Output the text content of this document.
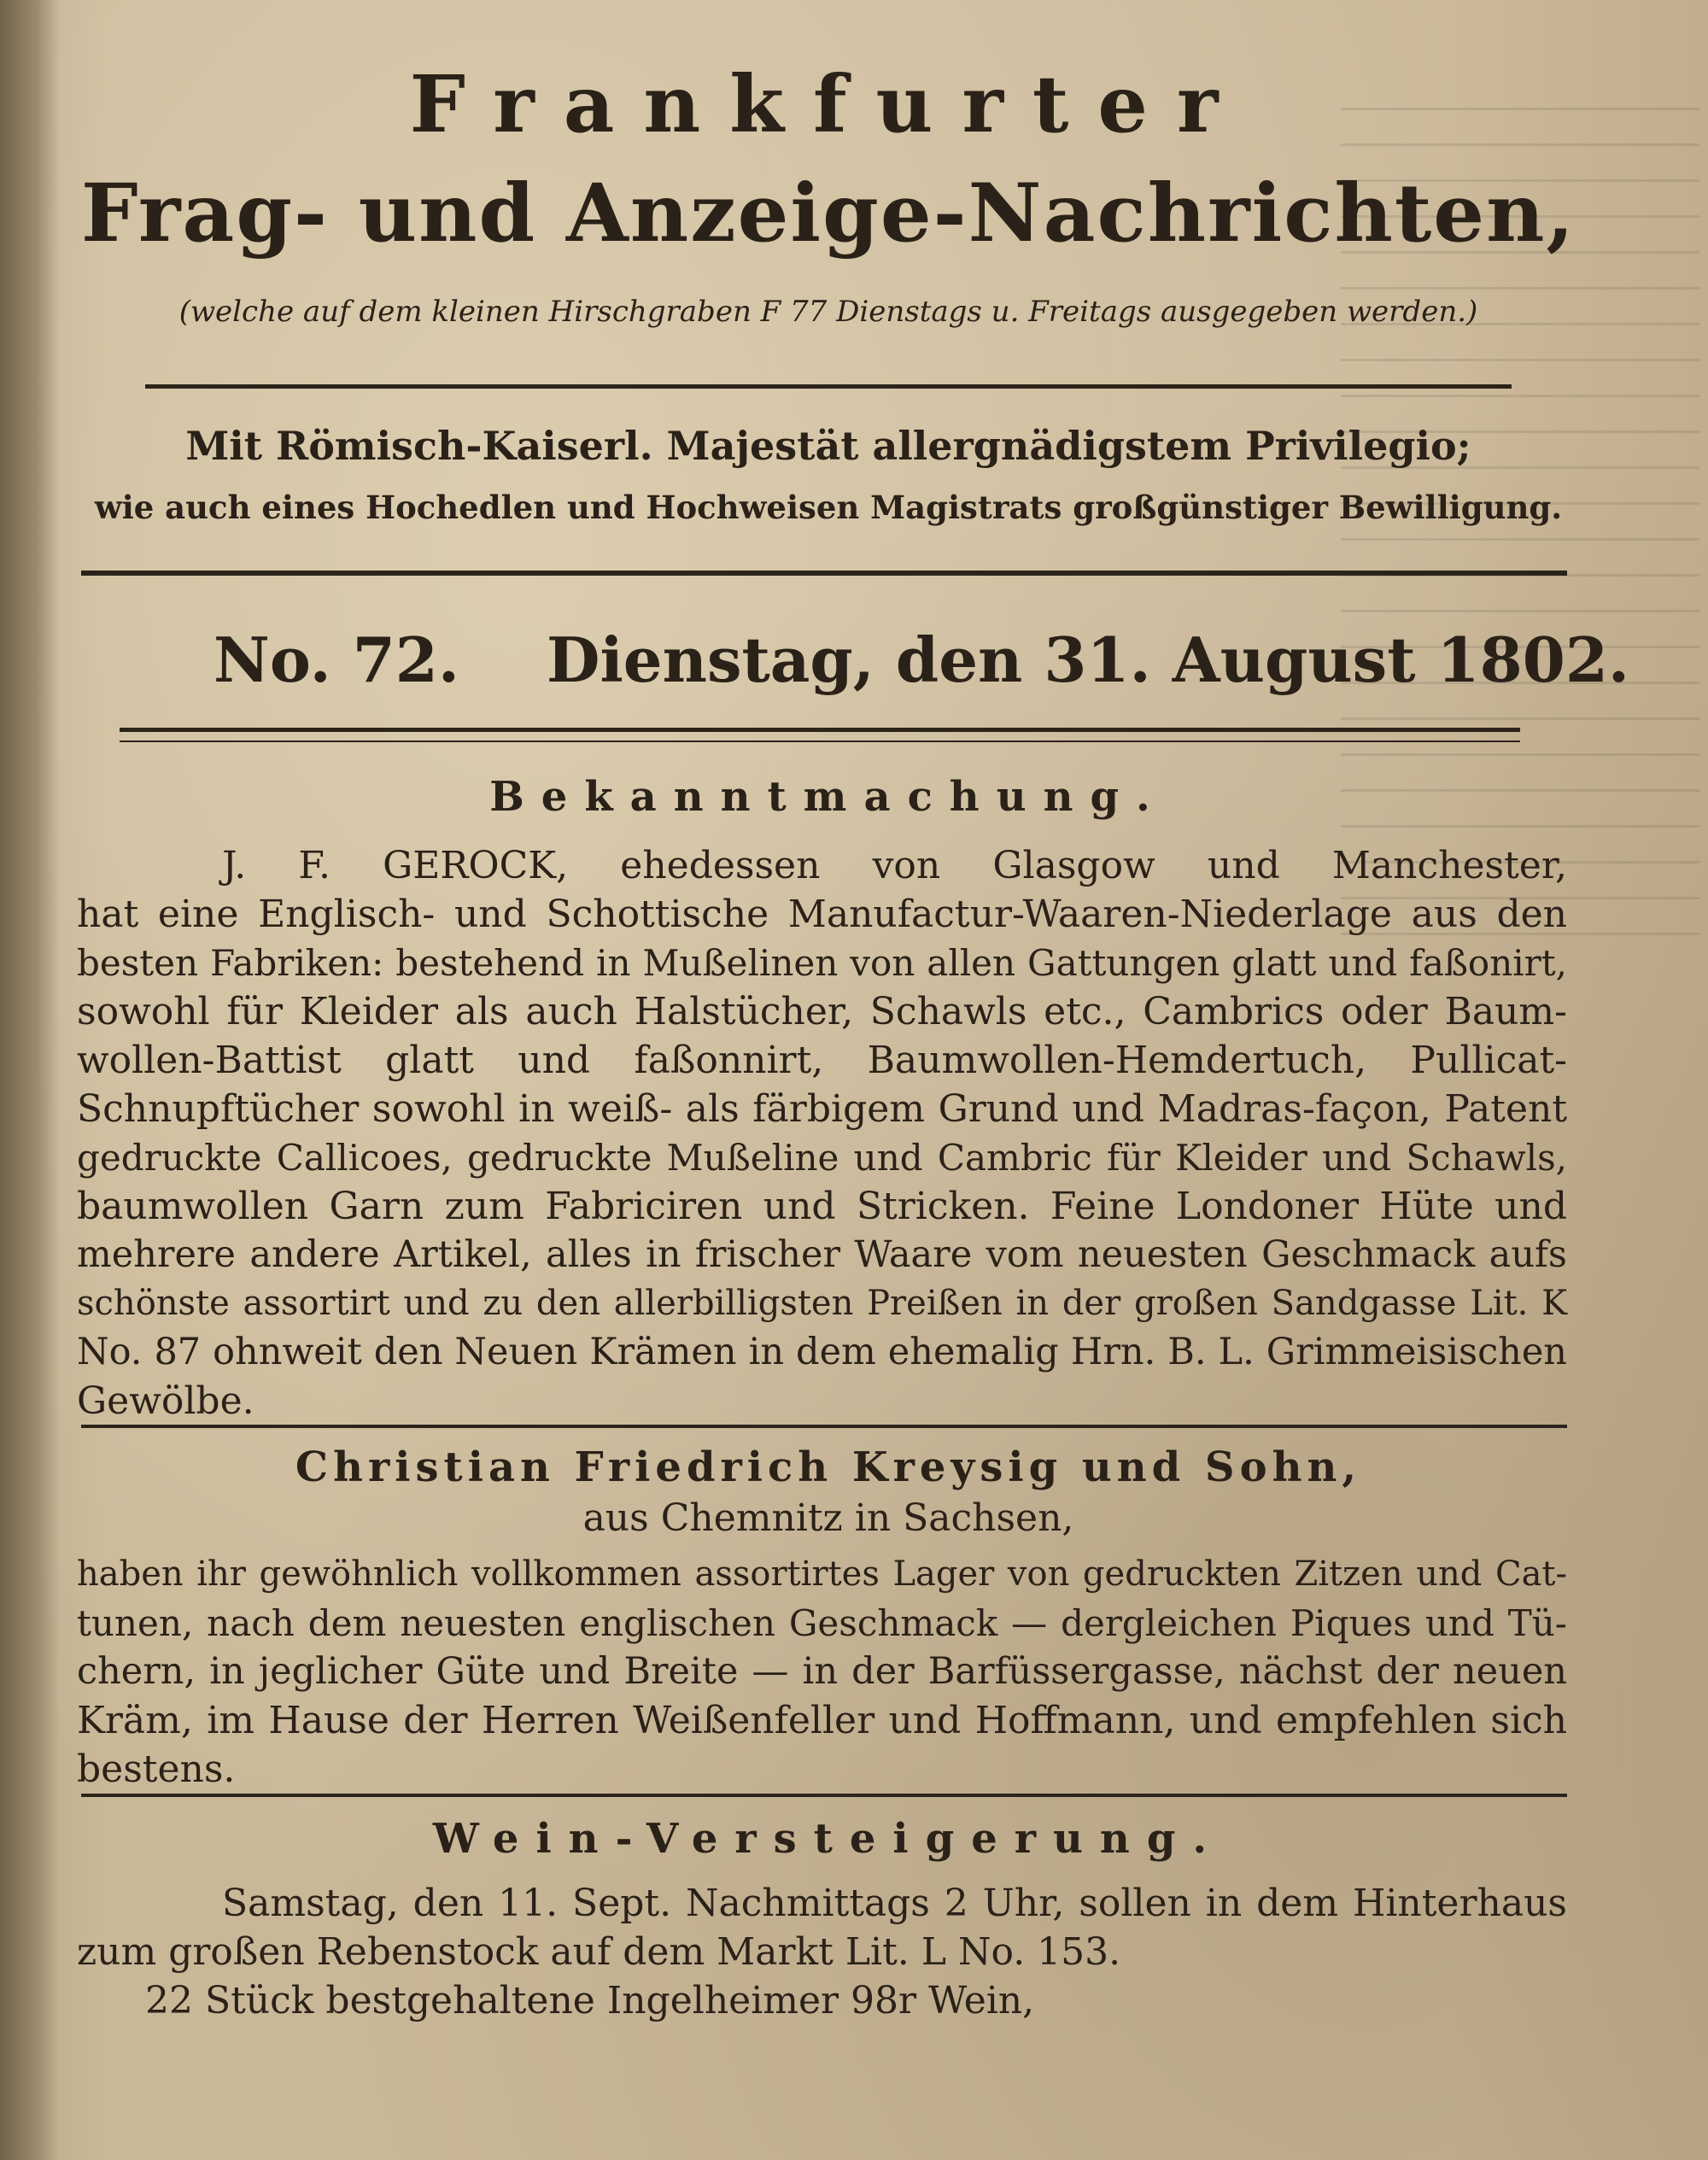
Frankfurter
Frag- und Anzeige-Nachrichten,
(welche auf dem kleinen Hirschgraben F 77 Dienstags u. Freitags ausgegeben werden.)
Mit Römisch-Kaiserl. Majestät allergnädigstem Privilegio;
wie auch eines Hochedlen und Hochweisen Magistrats großgünstiger Bewilligung.
No. 72. Dienstag, den 31. August 1802.
Bekanntmachung.
J. F. GEROCK, ehedessen von Glasgow und Manchester,
hat eine Englisch- und Schottische Manufactur-Waaren-Niederlage aus den
besten Fabriken: bestehend in Mußelinen von allen Gattungen glatt und faßonirt,
sowohl für Kleider als auch Halstücher, Schawls etc., Cambrics oder Baum-
wollen-Battist glatt und faßonnirt, Baumwollen-Hemdertuch, Pullicat-
Schnupftücher sowohl in weiß- als färbigem Grund und Madras-façon, Patent
gedruckte Callicoes, gedruckte Mußeline und Cambric für Kleider und Schawls,
baumwollen Garn zum Fabriciren und Stricken. Feine Londoner Hüte und
mehrere andere Artikel, alles in frischer Waare vom neuesten Geschmack aufs
schönste assortirt und zu den allerbilligsten Preißen in der großen Sandgasse Lit. K
No. 87 ohnweit den Neuen Krämen in dem ehemalig Hrn. B. L. Grimmeisischen
Gewölbe.
Christian Friedrich Kreysig und Sohn,
aus Chemnitz in Sachsen,
haben ihr gewöhnlich vollkommen assortirtes Lager von gedruckten Zitzen und Cat-
tunen, nach dem neuesten englischen Geschmack — dergleichen Piques und Tü-
chern, in jeglicher Güte und Breite — in der Barfüssergasse, nächst der neuen
Kräm, im Hause der Herren Weißenfeller und Hoffmann, und empfehlen sich
bestens.
Wein-Versteigerung.
Samstag, den 11. Sept. Nachmittags 2 Uhr, sollen in dem Hinterhaus
zum großen Rebenstock auf dem Markt Lit. L No. 153.
22 Stück bestgehaltene Ingelheimer 98r Wein,
